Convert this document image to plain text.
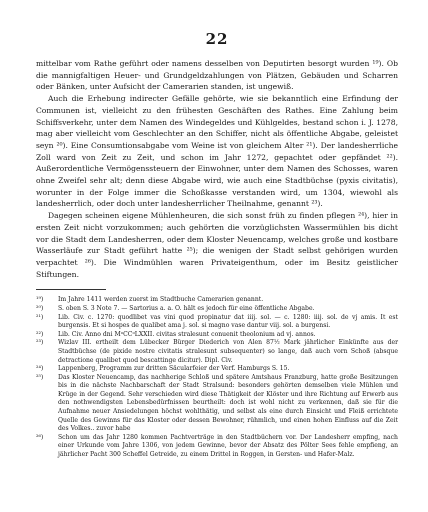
22

mittelbar vom Rathe geführt oder namens desselben von Deputirten besorgt wurden ¹⁹). Ob die mannigfaltigen Heuer- und Grundgeldzahlungen von Plätzen, Gebäuden und Scharren oder Bänken, unter Aufsicht der Camerarien standen, ist ungewiß.

Auch die Erhebung indirecter Gefälle gehörte, wie sie bekanntlich eine Erfindung der Communen ist, vielleicht zu den frühesten Geschäften des Rathes. Eine Zahlung beim Schiffsverkehr, unter dem Namen des Windegeldes und Kühlgeldes, bestand schon i. J. 1278, mag aber vielleicht vom Geschlechter an den Schiffer, nicht als öffentliche Abgabe, geleistet seyn ²⁰). Eine Consumtionsabgabe vom Weine ist von gleichem Alter ²¹). Der landesherrliche Zoll ward von Zeit zu Zeit, und schon im Jahr 1272, gepachtet oder gepfändet ²²). Außerordentliche Vermögenssteuern der Einwohner, unter dem Namen des Schosses, waren ohne Zweifel sehr alt; denn diese Abgabe wird, wie auch eine Stadtbüchse (pyxis civitatis), worunter in der Folge immer die Schoßkasse verstanden wird, um 1304, wiewohl als landesherrlich, oder doch unter landesherrlicher Theilnahme, genannt ²³).

Dagegen scheinen eigene Mühlenheuren, die sich sonst früh zu finden pflegen ²⁴), hier in ersten Zeit nicht vorzukommen; auch gehörten die vorzüglichsten Wassermühlen bis dicht vor die Stadt dem Landesherren, oder dem Kloster Neuencamp, welches große und kostbare Wasserläufe zur Stadt geführt hatte ²⁵); die wenigen der Stadt selbst gehörigen wurden verpachtet ²⁶). Die Windmühlen waren Privateigenthum, oder im Besitz geistlicher Stiftungen.

¹⁹)	Im Jahre 1411 werden zuerst im Stadtbuche Camerarien genannt.
²⁰)	S. oben S. 3 Note 7. — Sartorius a. a. O. hält es jedoch für eine öffentliche Abgabe.
²¹)	Lib. Civ. c. 1270: quodlibet vas vini quod propinatur dat iiij. sol. — c. 1280: iiij. sol. de vj amis. It est burgensis. Et si hospes de qualibet ama j. sol. si magno vase dantur viij. sol. a burgensi.
²²)	Lib. Civ. Anno dni MᵒCCᵒLXXII. civitas stralesunt conuenit theolonium ad vj. annos.
²³)	Wizlav III. ertheilt dem Lübecker Bürger Diederich von Alen 87½ Mark jährlicher Einkünfte aus der Stadtbüchse (de pixide nostre civitatis stralesunt subsequenter) so lange, daß auch vorn Schoß (absque detractione qualibet quod bescattinge dicitur). Dipl. Civ.
²⁴)	Lappenberg, Programm zur dritten Säcularfeier der Verf. Hamburgs S. 15.
²⁵)	Das Kloster Neuencamp, das nachherige Schloß und spätere Amtshaus Franzburg, hatte große Besitzungen bis in die nächste Nachbarschaft der Stadt Stralsund: besonders gehörten demselben viele Mühlen und Krüge in der Gegend. Sehr verschieden wird diese Thätigkeit der Klöster und ihre Richtung auf Erwerb aus den nothwendigsten Lebensbedürfnissen beurtheilt: doch ist wohl nicht zu verkennen, daß sie für die Aufnahme neuer Ansiedelungen höchst wohlthätig, und selbst als eine durch Einsicht und Fleiß errichtete Quelle des Gewinns für das Kloster oder dessen Bewohner, rühmlich, und einen hohen Einfluss auf die Zeit des Volkes.. zuvor habe
²⁶)	Schon um das Jahr 1280 kommen Pachtverträge in den Stadtbüchern vor. Der Landesherr empfing, nach einer Urkunde vom Jahre 1306, von jedem Gewinne, bevor der Absatz des Pölter Sees fehle empfieng, an jährlicher Pacht 300 Scheffel Getreide, zu einem Drittel in Roggen, in Gersten- und Hafer-Malz.
